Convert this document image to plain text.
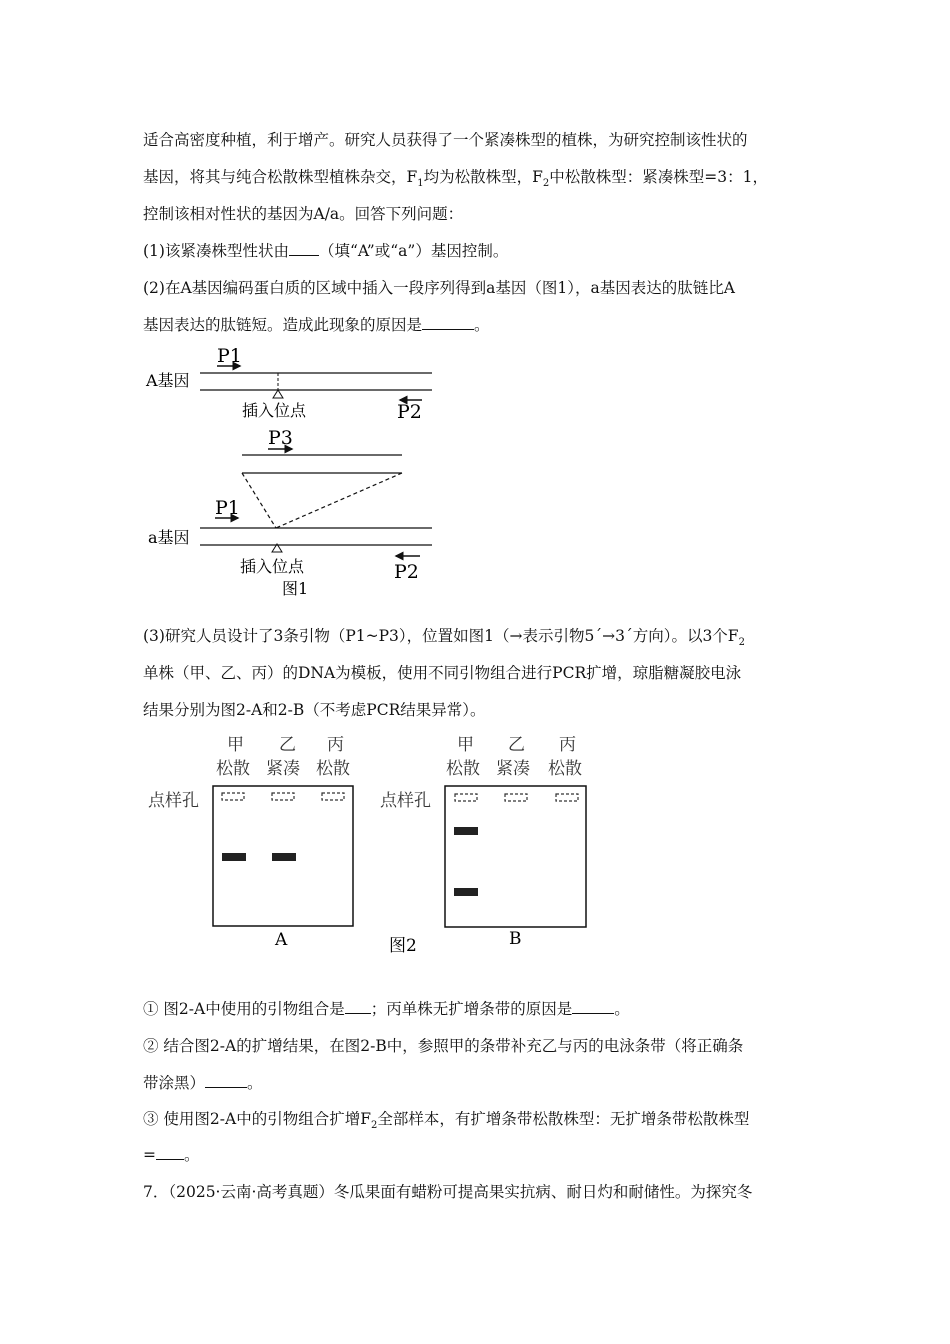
适合高密度种植，利于增产。研究人员获得了一个紧凑株型的植株，为研究控制该性状的
基因，将其与纯合松散株型植株杂交，$F_1$均为松散株型，$F_2$中松散株型：紧凑株型=3：1，
控制该相对性状的基因为A/a。回答下列问题：
(1)该紧凑株型性状由 （填“A”或“a”）基因控制。
(2)在A基因编码蛋白质的区域中插入一段序列得到a基因（图1），a基因表达的肽链比A
基因表达的肽链短。造成此现象的原因是	。
P1
A基因
插入位点	P2
P3
P1
a基因
插入位点	P2
图1
(3)研究人员设计了3条引物（P1~P3），位置如图1（→表示引物5´→3´方向）。以3个$F_2$
单株（甲、乙、丙）的DNA为模板，使用不同引物组合进行PCR扩增，琼脂糖凝胶电泳
结果分别为图2-A和2-B（不考虑PCR结果异常）。
甲 乙 丙
松散 紧凑 松散
点样孔
A
甲 乙 丙
松散 紧凑 松散
点样孔
B
图2
① 图2-A中使用的引物组合是 ；丙单株无扩增条带的原因是	。
② 结合图2-A的扩增结果，在图2-B中，参照甲的条带补充乙与丙的电泳条带（将正确条
带涂黑）	。
③ 使用图2-A中的引物组合扩增$F_2$全部样本，有扩增条带松散株型：无扩增条带松散株型
= 。
7．（2025·云南·高考真题）冬瓜果面有蜡粉可提高果实抗病、耐日灼和耐储性。为探究冬
